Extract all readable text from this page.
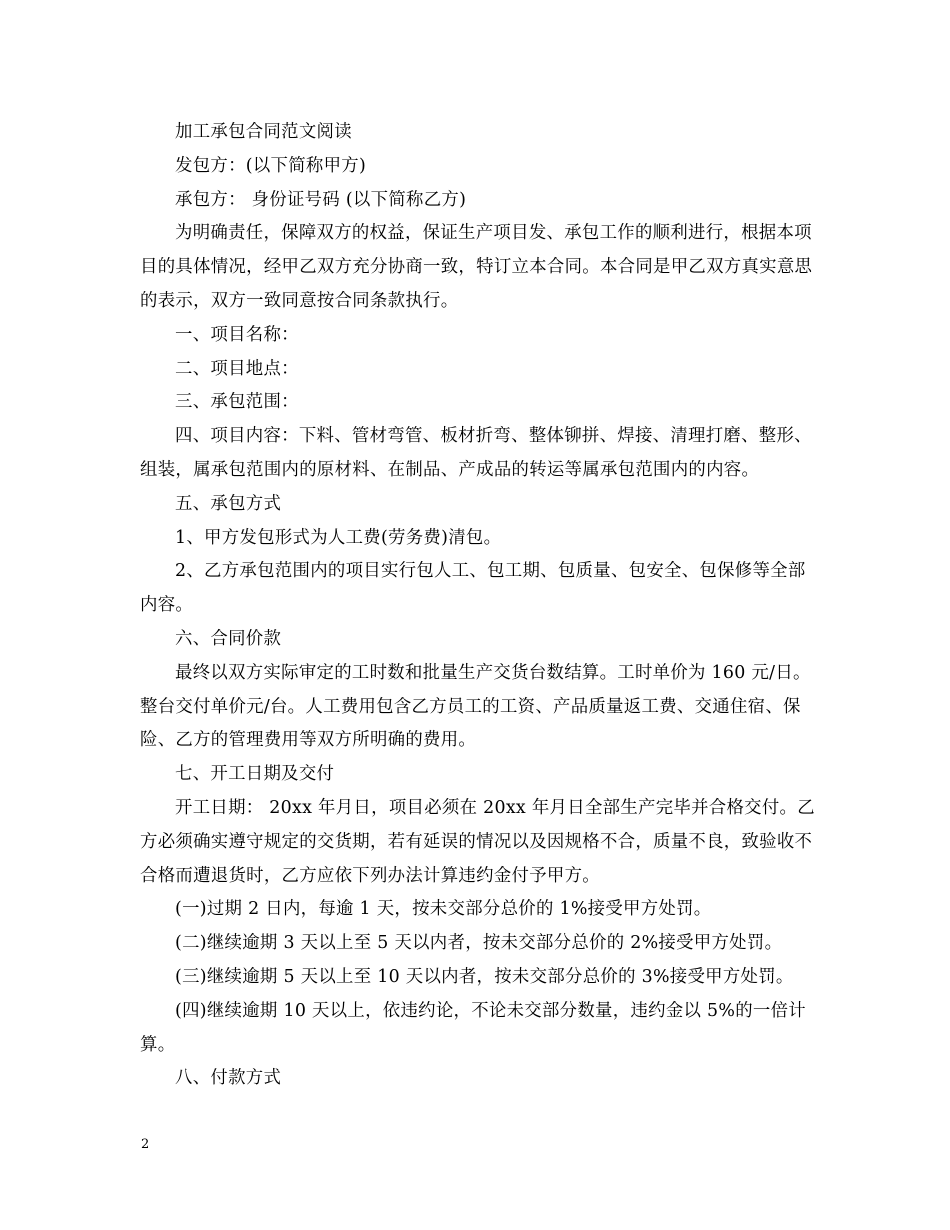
加工承包合同范文阅读

发包方：(以下简称甲方)

承包方： 身份证号码 (以下简称乙方)

为明确责任，保障双方的权益，保证生产项目发、承包工作的顺利进行，根据本项目的具体情况，经甲乙双方充分协商一致，特订立本合同。本合同是甲乙双方真实意思的表示，双方一致同意按合同条款执行。

一、项目名称：

二、项目地点：

三、承包范围：

四、项目内容：下料、管材弯管、板材折弯、整体铆拼、焊接、清理打磨、整形、组装，属承包范围内的原材料、在制品、产成品的转运等属承包范围内的内容。

五、承包方式

1、甲方发包形式为人工费(劳务费)清包。

2、乙方承包范围内的项目实行包人工、包工期、包质量、包安全、包保修等全部内容。

六、合同价款

最终以双方实际审定的工时数和批量生产交货台数结算。工时单价为 160 元/日。整台交付单价元/台。人工费用包含乙方员工的工资、产品质量返工费、交通住宿、保险、乙方的管理费用等双方所明确的费用。

七、开工日期及交付

开工日期： 20xx 年月日，项目必须在 20xx 年月日全部生产完毕并合格交付。乙方必须确实遵守规定的交货期，若有延误的情况以及因规格不合，质量不良，致验收不合格而遭退货时，乙方应依下列办法计算违约金付予甲方。

(一)过期 2 日内，每逾 1 天，按未交部分总价的 1%接受甲方处罚。

(二)继续逾期 3 天以上至 5 天以内者，按未交部分总价的 2%接受甲方处罚。

(三)继续逾期 5 天以上至 10 天以内者，按未交部分总价的 3%接受甲方处罚。

(四)继续逾期 10 天以上，依违约论，不论未交部分数量，违约金以 5%的一倍计算。

八、付款方式

2
